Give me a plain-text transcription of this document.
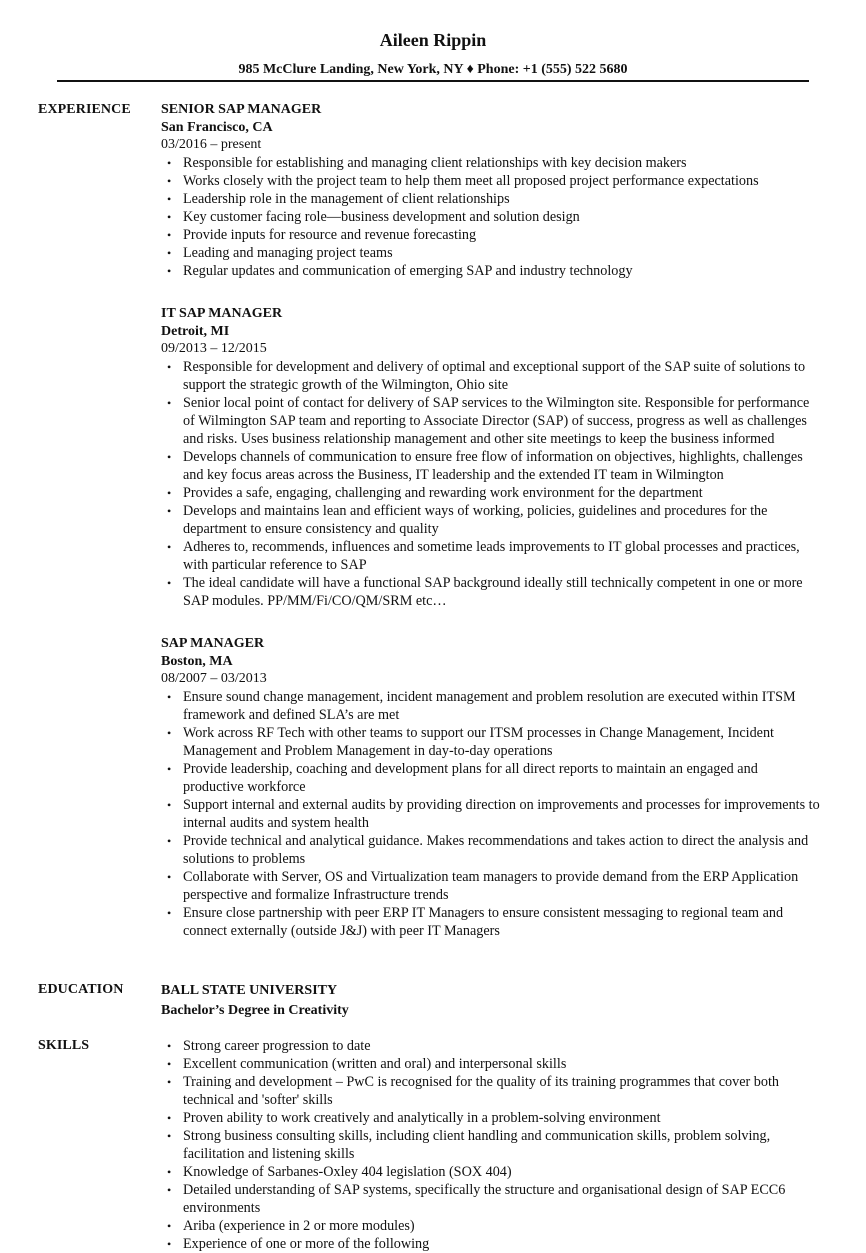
Aileen Rippin
985 McClure Landing, New York, NY ♦ Phone: +1 (555) 522 5680
EXPERIENCE SENIOR SAP MANAGER
San Francisco, CA
03/2016 – present
• Responsible for establishing and managing client relationships with key decision makers
• Works closely with the project team to help them meet all proposed project performance expectations
• Leadership role in the management of client relationships
• Key customer facing role—business development and solution design
• Provide inputs for resource and revenue forecasting
• Leading and managing project teams
• Regular updates and communication of emerging SAP and industry technology
IT SAP MANAGER
Detroit, MI
09/2013 – 12/2015
• Responsible for development and delivery of optimal and exceptional support of the SAP suite of solutions to support the strategic growth of the Wilmington, Ohio site
• Senior local point of contact for delivery of SAP services to the Wilmington site. Responsible for performance of Wilmington SAP team and reporting to Associate Director (SAP) of success, progress as well as challenges and risks. Uses business relationship management and other site meetings to keep the business informed
• Develops channels of communication to ensure free flow of information on objectives, highlights, challenges and key focus areas across the Business, IT leadership and the extended IT team in Wilmington
• Provides a safe, engaging, challenging and rewarding work environment for the department
• Develops and maintains lean and efficient ways of working, policies, guidelines and procedures for the department to ensure consistency and quality
• Adheres to, recommends, influences and sometime leads improvements to IT global processes and practices, with particular reference to SAP
• The ideal candidate will have a functional SAP background ideally still technically competent in one or more SAP modules. PP/MM/Fi/CO/QM/SRM etc…
SAP MANAGER
Boston, MA
08/2007 – 03/2013
• Ensure sound change management, incident management and problem resolution are executed within ITSM framework and defined SLA’s are met
• Work across RF Tech with other teams to support our ITSM processes in Change Management, Incident Management and Problem Management in day-to-day operations
• Provide leadership, coaching and development plans for all direct reports to maintain an engaged and productive workforce
• Support internal and external audits by providing direction on improvements and processes for improvements to internal audits and system health
• Provide technical and analytical guidance. Makes recommendations and takes action to direct the analysis and solutions to problems
• Collaborate with Server, OS and Virtualization team managers to provide demand from the ERP Application perspective and formalize Infrastructure trends
• Ensure close partnership with peer ERP IT Managers to ensure consistent messaging to regional team and connect externally (outside J&J) with peer IT Managers
EDUCATION	BALL STATE UNIVERSITY
Bachelor’s Degree in Creativity
SKILLS
•	Strong career progression to date
• Excellent communication (written and oral) and interpersonal skills
• Training and development – PwC is recognised for the quality of its training programmes that cover both technical and 'softer' skills
• Proven ability to work creatively and analytically in a problem-solving environment
• Strong business consulting skills, including client handling and communication skills, problem solving, facilitation and listening skills
• Knowledge of Sarbanes-Oxley 404 legislation (SOX 404)
• Detailed understanding of SAP systems, specifically the structure and organisational design of SAP ECC6 environments
• Ariba (experience in 2 or more modules)
• Experience of one or more of the following
